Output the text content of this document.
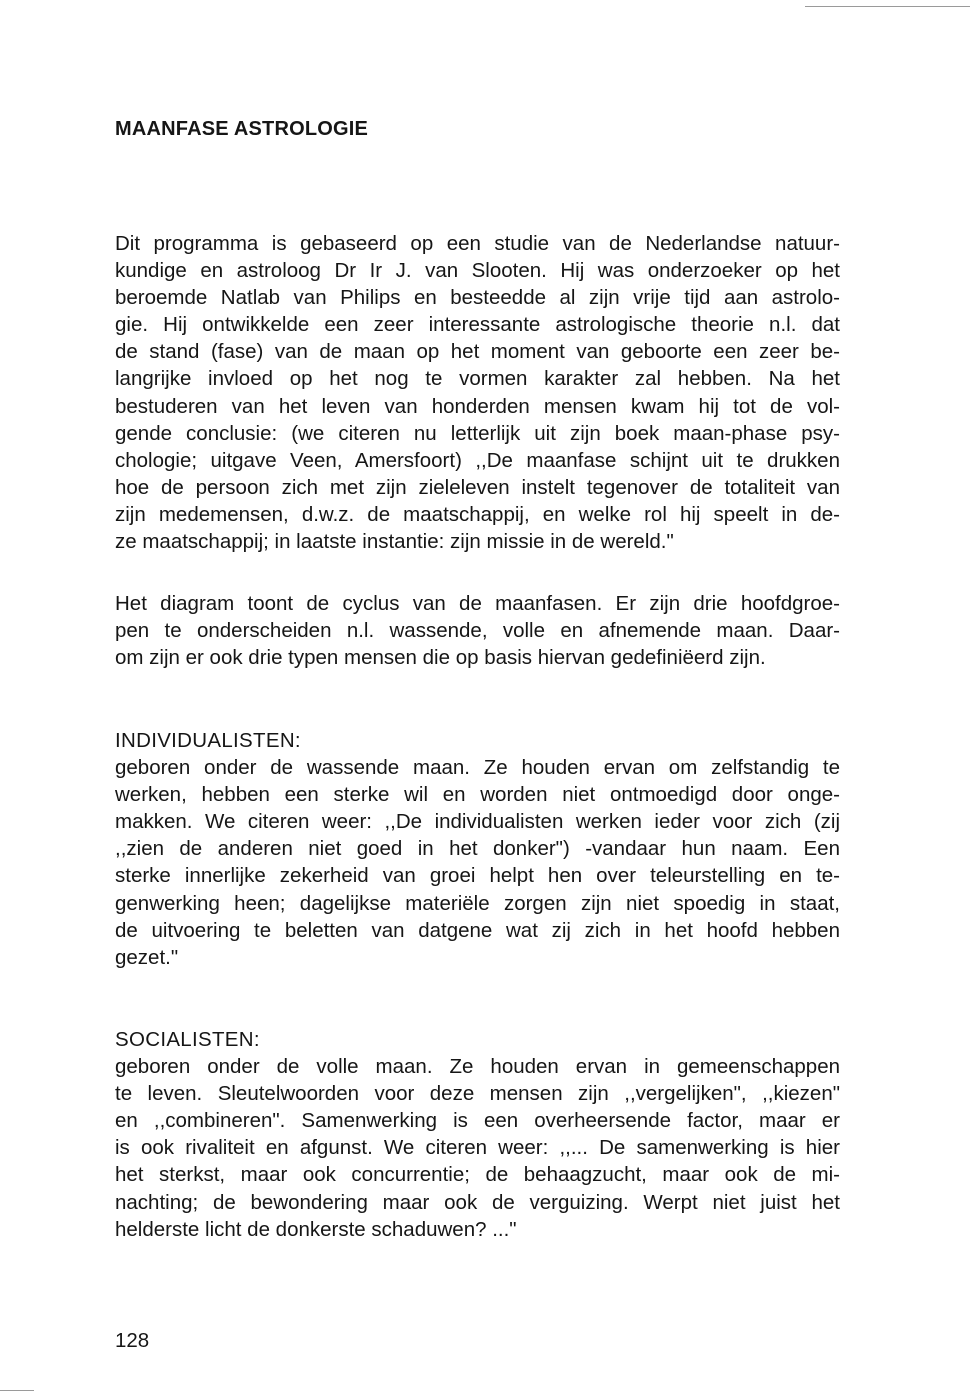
MAANFASE ASTROLOGIE
Dit programma is gebaseerd op een studie van de Nederlandse natuur-
kundige en astroloog Dr Ir J. van Slooten. Hij was onderzoeker op het
beroemde Natlab van Philips en besteedde al zijn vrije tijd aan astrolo-
gie. Hij ontwikkelde een zeer interessante astrologische theorie n.l. dat
de stand (fase) van de maan op het moment van geboorte een zeer be-
langrijke invloed op het nog te vormen karakter zal hebben. Na het
bestuderen van het leven van honderden mensen kwam hij tot de vol-
gende conclusie: (we citeren nu letterlijk uit zijn boek maan-phase psy-
chologie; uitgave Veen, Amersfoort) ,,De maanfase schijnt uit te drukken
hoe de persoon zich met zijn zieleleven instelt tegenover de totaliteit van
zijn medemensen, d.w.z. de maatschappij, en welke rol hij speelt in de-
ze maatschappij; in laatste instantie: zijn missie in de wereld."
Het diagram toont de cyclus van de maanfasen. Er zijn drie hoofdgroe-
pen te onderscheiden n.l. wassende, volle en afnemende maan. Daar-
om zijn er ook drie typen mensen die op basis hiervan gedefiniëerd zijn.
INDIVIDUALISTEN:
geboren onder de wassende maan. Ze houden ervan om zelfstandig te
werken, hebben een sterke wil en worden niet ontmoedigd door onge-
makken. We citeren weer: ,,De individualisten werken ieder voor zich (zij
,,zien de anderen niet goed in het donker") -vandaar hun naam. Een
sterke innerlijke zekerheid van groei helpt hen over teleurstelling en te-
genwerking heen; dagelijkse materiële zorgen zijn niet spoedig in staat,
de uitvoering te beletten van datgene wat zij zich in het hoofd hebben
gezet."
SOCIALISTEN:
geboren onder de volle maan. Ze houden ervan in gemeenschappen
te leven. Sleutelwoorden voor deze mensen zijn ,,vergelijken", ,,kiezen"
en ,,combineren". Samenwerking is een overheersende factor, maar er
is ook rivaliteit en afgunst. We citeren weer: ,,... De samenwerking is hier
het sterkst, maar ook concurrentie; de behaagzucht, maar ook de mi-
nachting; de bewondering maar ook de verguizing. Werpt niet juist het
helderste licht de donkerste schaduwen? ..."
128
